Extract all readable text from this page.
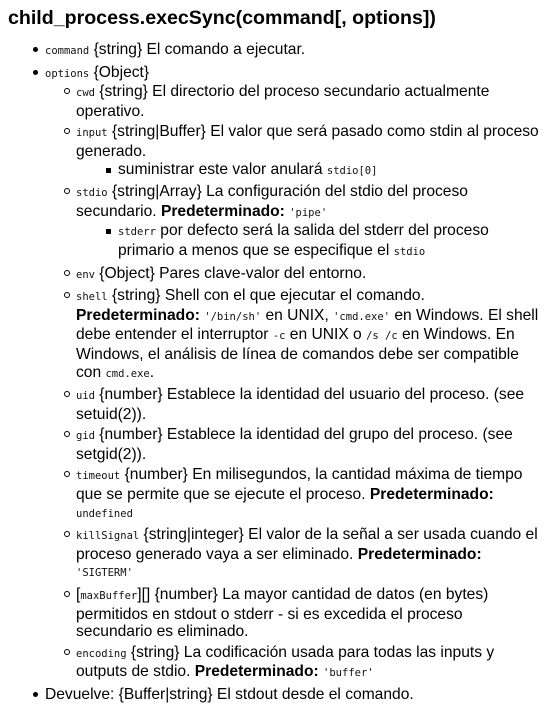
child_process.execSync(command[, options])
command {string} El comando a ejecutar.
options {Object}
cwd {string} El directorio del proceso secundario actualmente operativo.
input {string|Buffer} El valor que será pasado como stdin al proceso generado.
suministrar este valor anulará stdio[0]
stdio {string|Array} La configuración del stdio del proceso secundario. Predeterminado: 'pipe'
stderr por defecto será la salida del stderr del proceso primario a menos que se especifique el stdio
env {Object} Pares clave-valor del entorno.
shell {string} Shell con el que ejecutar el comando. Predeterminado: '/bin/sh' en UNIX, 'cmd.exe' en Windows. El shell debe entender el interruptor -c en UNIX o /s /c en Windows. En Windows, el análisis de línea de comandos debe ser compatible con cmd.exe.
uid {number} Establece la identidad del usuario del proceso. (see setuid(2)).
gid {number} Establece la identidad del grupo del proceso. (see setgid(2)).
timeout {number} En milisegundos, la cantidad máxima de tiempo que se permite que se ejecute el proceso. Predeterminado: undefined
killSignal {string|integer} El valor de la señal a ser usada cuando el proceso generado vaya a ser eliminado. Predeterminado: 'SIGTERM'
[maxBuffer][] {number} La mayor cantidad de datos (en bytes) permitidos en stdout o stderr - si es excedida el proceso secundario es eliminado.
encoding {string} La codificación usada para todas las inputs y outputs de stdio. Predeterminado: 'buffer'
Devuelve: {Buffer|string} El stdout desde el comando.
